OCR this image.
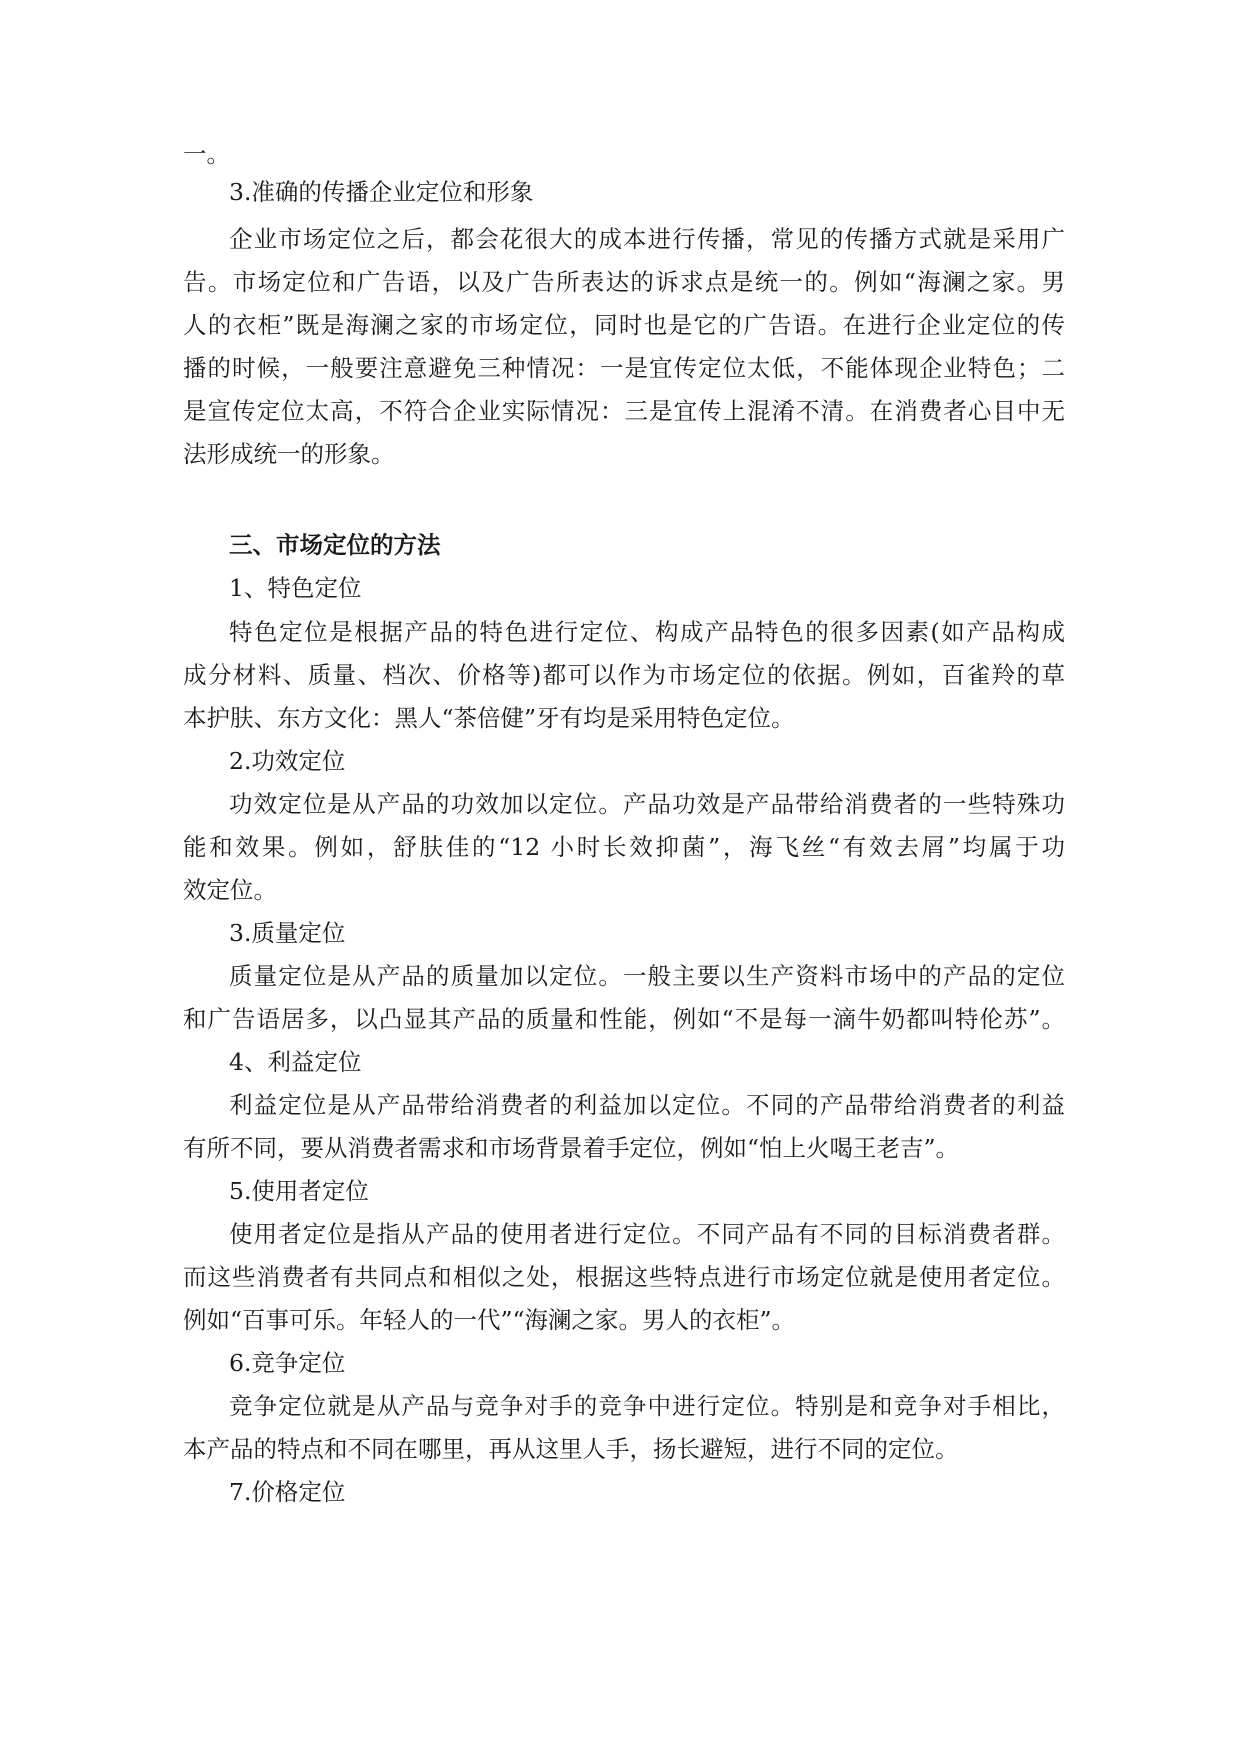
一。
3.准确的传播企业定位和形象
企业市场定位之后，都会花很大的成本进行传播，常见的传播方式就是采用广
告。市场定位和广告语，以及广告所表达的诉求点是统一的。例如“海澜之家。男
人的衣柜”既是海澜之家的市场定位，同时也是它的广告语。在进行企业定位的传
播的时候，一般要注意避免三种情况：一是宜传定位太低，不能体现企业特色；二
是宣传定位太高，不符合企业实际情况：三是宜传上混淆不清。在消费者心目中无
法形成统一的形象。
三、市场定位的方法
1、特色定位
特色定位是根据产品的特色进行定位、构成产品特色的很多因素(如产品构成
成分材料、质量、档次、价格等)都可以作为市场定位的依据。例如，百雀羚的草
本护肤、东方文化：黑人“茶倍健”牙有均是采用特色定位。
2.功效定位
功效定位是从产品的功效加以定位。产品功效是产品带给消费者的一些特殊功
能和效果。例如，舒肤佳的“12 小时长效抑菌”，海飞丝“有效去屑”均属于功
效定位。
3.质量定位
质量定位是从产品的质量加以定位。一般主要以生产资料市场中的产品的定位
和广告语居多，以凸显其产品的质量和性能，例如“不是每一滴牛奶都叫特伦苏”。
4、利益定位
利益定位是从产品带给消费者的利益加以定位。不同的产品带给消费者的利益
有所不同，要从消费者需求和市场背景着手定位，例如“怕上火喝王老吉”。
5.使用者定位
使用者定位是指从产品的使用者进行定位。不同产品有不同的目标消费者群。
而这些消费者有共同点和相似之处，根据这些特点进行市场定位就是使用者定位。
例如“百事可乐。年轻人的一代”“海澜之家。男人的衣柜”。
6.竞争定位
竞争定位就是从产品与竞争对手的竞争中进行定位。特别是和竞争对手相比，
本产品的特点和不同在哪里，再从这里人手，扬长避短，进行不同的定位。
7.价格定位
